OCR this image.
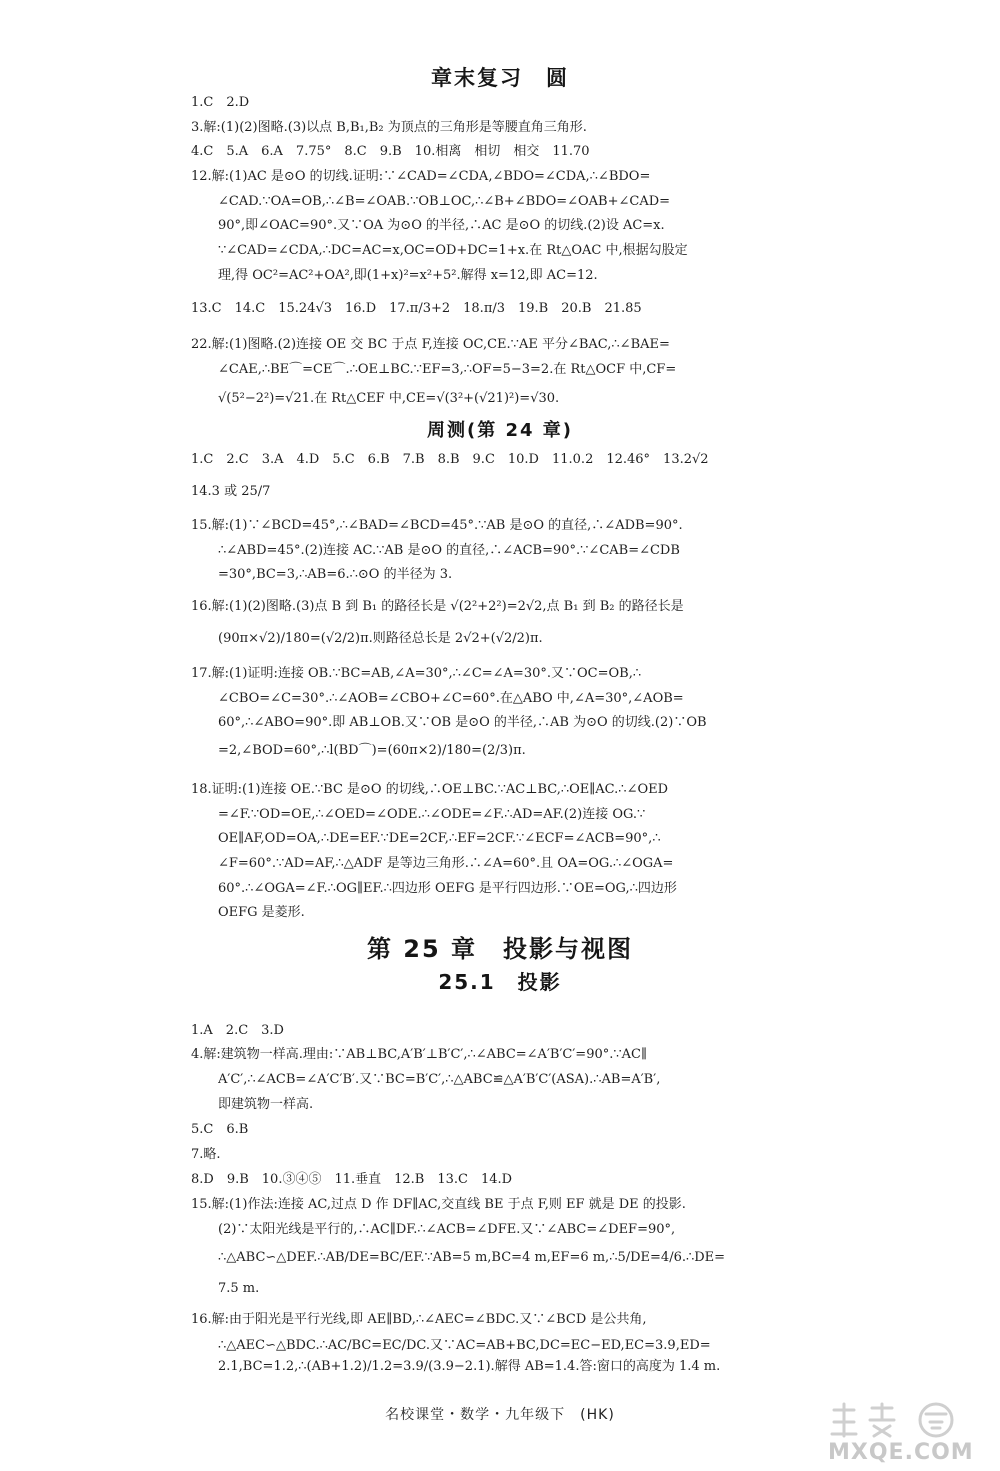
章末复习　圆
1.C　2.D
3.解:(1)(2)图略.(3)以点 B,B₁,B₂ 为顶点的三角形是等腰直角三角形.
4.C　5.A　6.A　7.75°　8.C　9.B　10.相离　相切　相交　11.70
12.解:(1)AC 是⊙O 的切线.证明:∵∠CAD=∠CDA,∠BDO=∠CDA,∴∠BDO=
∠CAD.∵OA=OB,∴∠B=∠OAB.∵OB⊥OC,∴∠B+∠BDO=∠OAB+∠CAD=
90°,即∠OAC=90°.又∵OA 为⊙O 的半径,∴AC 是⊙O 的切线.(2)设 AC=x.
∵∠CAD=∠CDA,∴DC=AC=x,OC=OD+DC=1+x.在 Rt△OAC 中,根据勾股定
理,得 OC²=AC²+OA²,即(1+x)²=x²+5².解得 x=12,即 AC=12.
13.C　14.C　15.24√3　16.D　17.π/3+2　18.π/3　19.B　20.B　21.85
22.解:(1)图略.(2)连接 OE 交 BC 于点 F,连接 OC,CE.∵AE 平分∠BAC,∴∠BAE=
∠CAE,∴BE⌒=CE⌒.∴OE⊥BC.∵EF=3,∴OF=5−3=2.在 Rt△OCF 中,CF=
√(5²−2²)=√21.在 Rt△CEF 中,CE=√(3²+(√21)²)=√30.
周测(第 24 章)
1.C　2.C　3.A　4.D　5.C　6.B　7.B　8.B　9.C　10.D　11.0.2　12.46°　13.2√2
14.3 或 25/7
15.解:(1)∵∠BCD=45°,∴∠BAD=∠BCD=45°.∵AB 是⊙O 的直径,∴∠ADB=90°.
∴∠ABD=45°.(2)连接 AC.∵AB 是⊙O 的直径,∴∠ACB=90°.∵∠CAB=∠CDB
=30°,BC=3,∴AB=6.∴⊙O 的半径为 3.
16.解:(1)(2)图略.(3)点 B 到 B₁ 的路径长是 √(2²+2²)=2√2,点 B₁ 到 B₂ 的路径长是
(90π×√2)/180=(√2/2)π.则路径总长是 2√2+(√2/2)π.
17.解:(1)证明:连接 OB.∵BC=AB,∠A=30°,∴∠C=∠A=30°.又∵OC=OB,∴
∠CBO=∠C=30°.∴∠AOB=∠CBO+∠C=60°.在△ABO 中,∠A=30°,∠AOB=
60°,∴∠ABO=90°.即 AB⊥OB.又∵OB 是⊙O 的半径,∴AB 为⊙O 的切线.(2)∵OB
=2,∠BOD=60°,∴l(BD⌒)=(60π×2)/180=(2/3)π.
18.证明:(1)连接 OE.∵BC 是⊙O 的切线,∴OE⊥BC.∵AC⊥BC,∴OE∥AC.∴∠OED
=∠F.∵OD=OE,∴∠OED=∠ODE.∴∠ODE=∠F.∴AD=AF.(2)连接 OG.∵
OE∥AF,OD=OA,∴DE=EF.∵DE=2CF,∴EF=2CF.∵∠ECF=∠ACB=90°,∴
∠F=60°.∵AD=AF,∴△ADF 是等边三角形.∴∠A=60°.且 OA=OG.∴∠OGA=
60°.∴∠OGA=∠F.∴OG∥EF.∴四边形 OEFG 是平行四边形.∵OE=OG,∴四边形
OEFG 是菱形.
第 25 章　投影与视图
25.1　投影
1.A　2.C　3.D
4.解:建筑物一样高.理由:∵AB⊥BC,A′B′⊥B′C′,∴∠ABC=∠A′B′C′=90°.∵AC∥
A′C′,∴∠ACB=∠A′C′B′.又∵BC=B′C′,∴△ABC≌△A′B′C′(ASA).∴AB=A′B′,
即建筑物一样高.
5.C　6.B
7.略.
8.D　9.B　10.③④⑤　11.垂直　12.B　13.C　14.D
15.解:(1)作法:连接 AC,过点 D 作 DF∥AC,交直线 BE 于点 F,则 EF 就是 DE 的投影.
(2)∵太阳光线是平行的,∴AC∥DF.∴∠ACB=∠DFE.又∵∠ABC=∠DEF=90°,
∴△ABC∽△DEF.∴AB/DE=BC/EF.∵AB=5 m,BC=4 m,EF=6 m,∴5/DE=4/6.∴DE=
7.5 m.
16.解:由于阳光是平行光线,即 AE∥BD,∴∠AEC=∠BDC.又∵∠BCD 是公共角,
∴△AEC∽△BDC.∴AC/BC=EC/DC.又∵AC=AB+BC,DC=EC−ED,EC=3.9,ED=
2.1,BC=1.2,∴(AB+1.2)/1.2=3.9/(3.9−2.1).解得 AB=1.4.答:窗口的高度为 1.4 m.
名校课堂・数学・九年级下　(HK)
MXQE.COM
